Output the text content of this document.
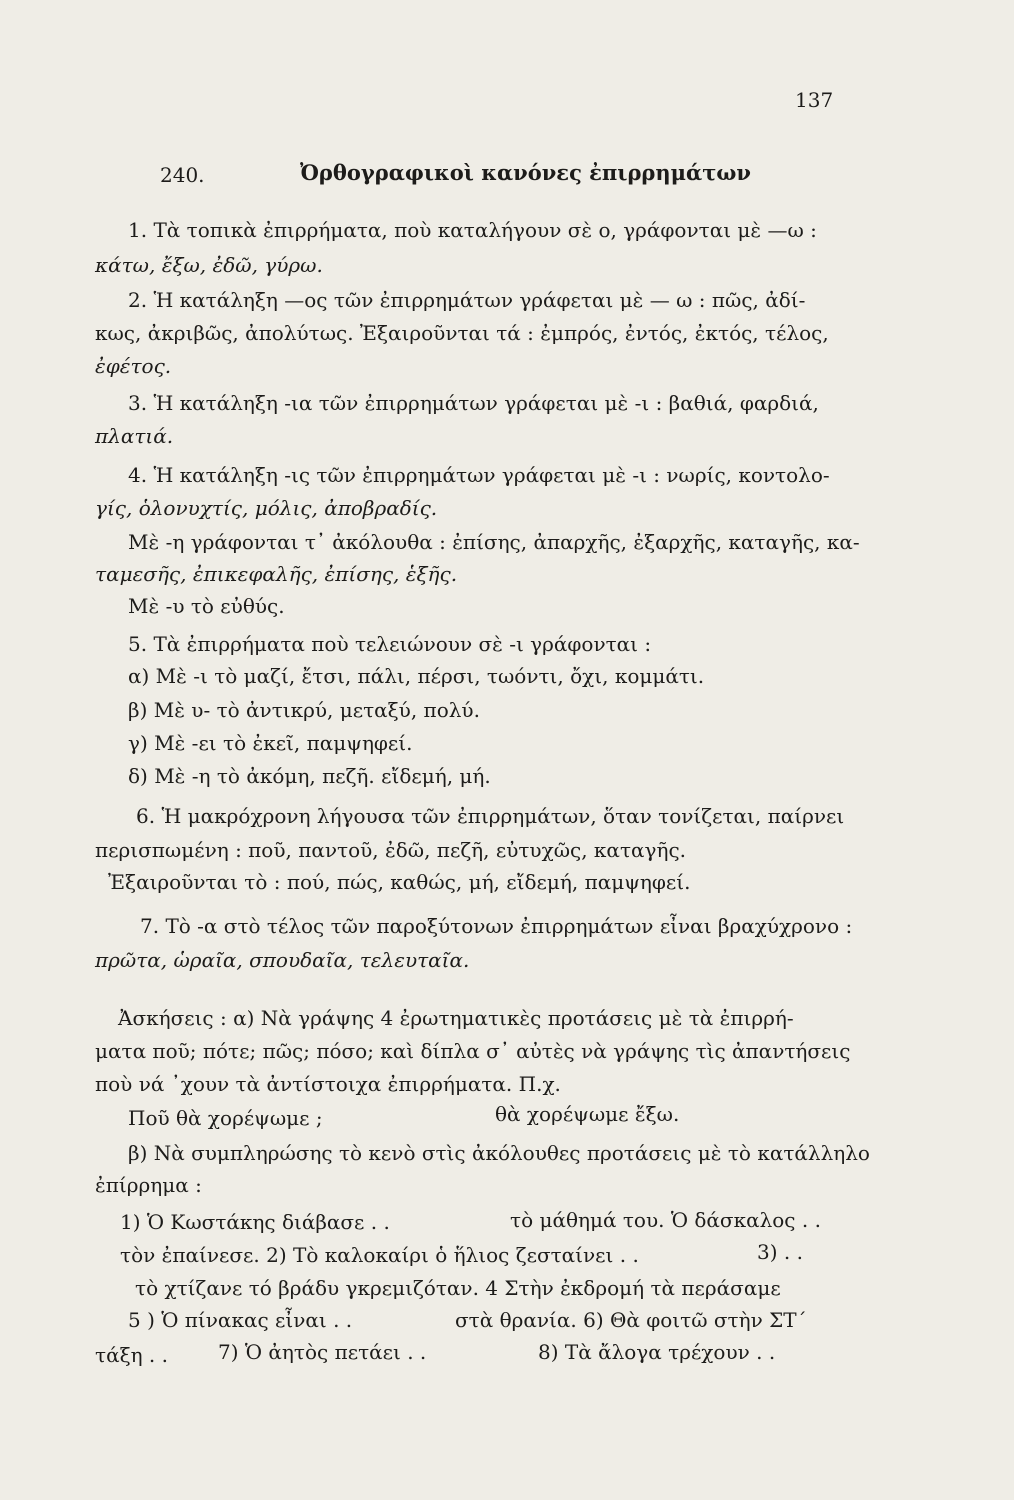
137
240.	Ὀρθογραφικοὶ κανόνες ἐπιρρημάτων
1. Τὰ τοπικὰ ἐπιρρήματα, ποὺ καταλήγουν σὲ ο, γράφονται μὲ —ω :
κάτω, ἔξω, ἐδῶ, γύρω.
2. Ἡ κατάληξη —ος τῶν ἐπιρρημάτων γράφεται μὲ — ω : πῶς, ἀδί-
κως, ἀκριβῶς, ἀπολύτως. Ἐξαιροῦνται τά : ἐμπρός, ἐντός, ἐκτός, τέλος,
ἐφέτος.
3. Ἡ κατάληξη -ια τῶν ἐπιρρημάτων γράφεται μὲ -ι : βαθιά, φαρδιά,
πλατιά.
4. Ἡ κατάληξη -ις τῶν ἐπιρρημάτων γράφεται μὲ -ι : νωρίς, κοντολο-
γίς, ὁλονυχτίς, μόλις, ἀποβραδίς.
Μὲ -η γράφονται τ᾽ ἀκόλουθα : ἐπίσης, ἀπαρχῆς, ἐξαρχῆς, καταγῆς, κα-
ταμεσῆς, ἐπικεφαλῆς, ἐπίσης, ἑξῆς.
Μὲ -υ τὸ εὐθύς.
5. Τὰ ἐπιρρήματα ποὺ τελειώνουν σὲ -ι γράφονται :
α) Μὲ -ι τὸ μαζί, ἔτσι, πάλι, πέρσι, τωόντι, ὄχι, κομμάτι.
β) Μὲ υ- τὸ ἀντικρύ, μεταξύ, πολύ.
γ) Μὲ -ει τὸ ἐκεῖ, παμψηφεί.
δ) Μὲ -η τὸ ἀκόμη, πεζῆ. εἴδεμή, μή.
6. Ἡ μακρόχρονη λήγουσα τῶν ἐπιρρημάτων, ὅταν τονίζεται, παίρνει
περισπωμένη : ποῦ, παντοῦ, ἐδῶ, πεζῆ, εὐτυχῶς, καταγῆς.
Ἐξαιροῦνται τὸ : πού, πώς, καθώς, μή, εἴδεμή, παμψηφεί.
7. Τὸ -α στὸ τέλος τῶν παροξύτονων ἐπιρρημάτων εἶναι βραχύχρονο :
πρῶτα, ὡραῖα, σπουδαῖα, τελευταῖα.
Ἀσκήσεις : α) Νὰ γράψης 4 ἐρωτηματικὲς προτάσεις μὲ τὰ ἐπιρρή-
ματα ποῦ; πότε; πῶς; πόσο; καὶ δίπλα σ᾽ αὐτὲς νὰ γράψης τὶς ἀπαντήσεις
ποὺ νά ᾽χουν τὰ ἀντίστοιχα ἐπιρρήματα. Π.χ.
Ποῦ θὰ χορέψωμε ;	θὰ χορέψωμε ἔξω.
β) Νὰ συμπληρώσης τὸ κενὸ στὶς ἀκόλουθες προτάσεις μὲ τὸ κατάλληλο
ἐπίρρημα :
1) Ὁ Κωστάκης διάβασε . .	τὸ μάθημά του. Ὁ δάσκαλος . .
τὸν ἐπαίνεσε. 2) Τὸ καλοκαίρι ὁ ἥλιος ζεσταίνει . .	3) . .
τὸ χτίζανε τό βράδυ γκρεμιζόταν. 4 Στὴν ἐκδρομή τὰ περάσαμε
5 ) Ὁ πίνακας εἶναι . .	στὰ θρανία. 6) Θὰ φοιτῶ στὴν ΣΤ΄
τάξη . .	7) Ὁ ἀητὸς πετάει . .	8) Τὰ ἄλογα τρέχουν . .
